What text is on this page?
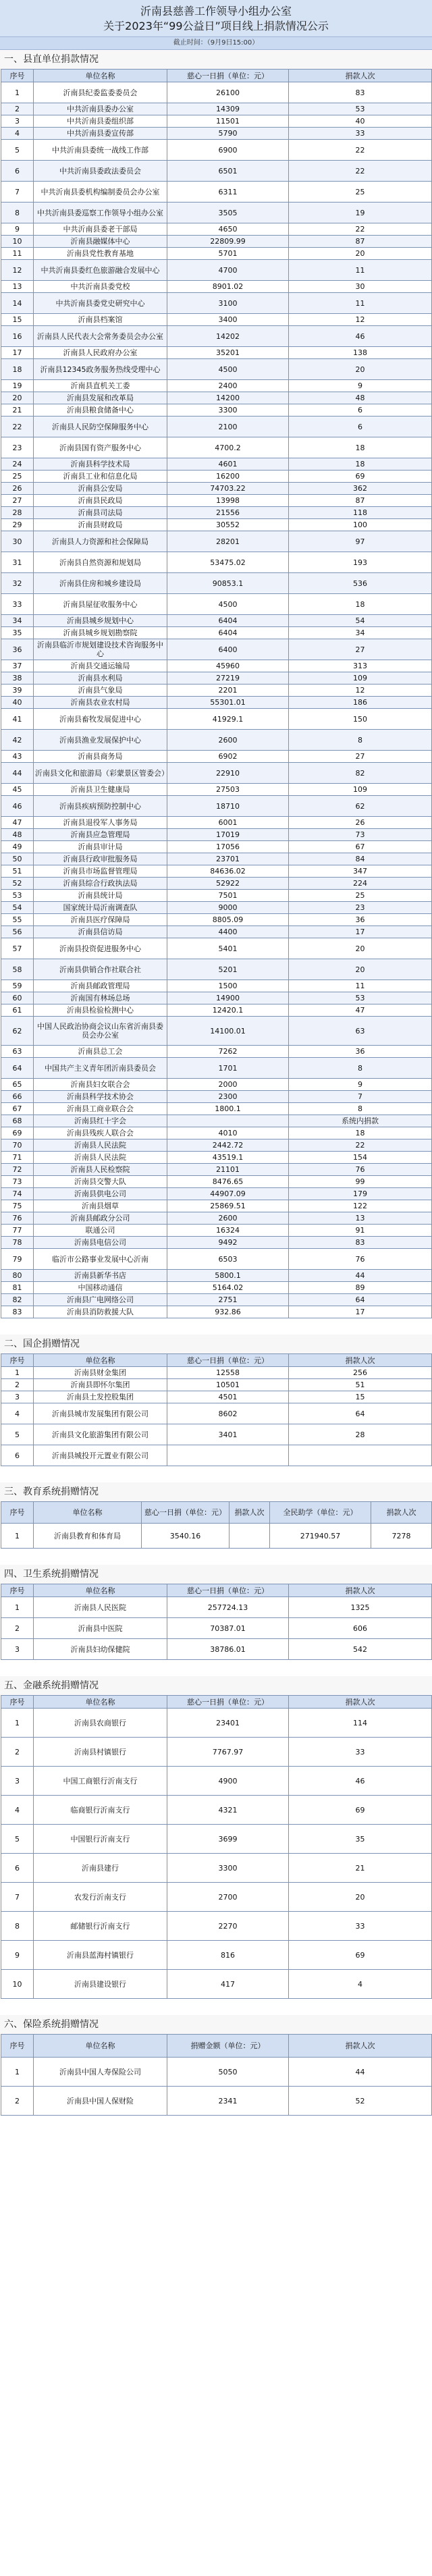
沂南县慈善工作领导小组办公室
关于2023年“99公益日”项目线上捐款情况公示
截止时间：（9月9日15:00）
一、县直单位捐款情况
序号	单位名称	慈心一日捐（单位：元）	捐款人次
1	沂南县纪委监委委员会	26100	83
2	中共沂南县委办公室	14309	53
3	中共沂南县委组织部	11501	40
4	中共沂南县委宣传部	5790	33
5	中共沂南县委统一战线工作部	6900	22
6	中共沂南县委政法委员会	6501	22
7	中共沂南县委机构编制委员会办公室	6311	25
8	中共沂南县委巡察工作领导小组办公室	3505	19
9	中共沂南县委老干部局	4650	22
10	沂南县融媒体中心	22809.99	87
11	沂南县党性教育基地	5701	20
12	中共沂南县委红色旅游融合发展中心	4700	11
13	中共沂南县委党校	8901.02	30
14	中共沂南县委党史研究中心	3100	11
15	沂南县档案馆	3400	12
16	沂南县人民代表大会常务委员会办公室	14202	46
17	沂南县人民政府办公室	35201	138
18	沂南县12345政务服务热线受理中心	4500	20
19	沂南县直机关工委	2400	9
20	沂南县发展和改革局	14200	48
21	沂南县粮食储备中心	3300	6
22	沂南县人民防空保障服务中心	2100	6
23	沂南县国有资产服务中心	4700.2	18
24	沂南县科学技术局	4601	18
25	沂南县工业和信息化局	16200	69
26	沂南县公安局	74703.22	362
27	沂南县民政局	13998	87
28	沂南县司法局	21556	118
29	沂南县财政局	30552	100
30	沂南县人力资源和社会保障局	28201	97
31	沂南县自然资源和规划局	53475.02	193
32	沂南县住房和城乡建设局	90853.1	536
33	沂南县屋征收服务中心	4500	18
34	沂南县城乡规划中心	6404	54
35	沂南县城乡规划勘察院	6404	34
36	沂南县临沂市规划建设技术咨询服务中心	6400	27
37	沂南县交通运输局	45960	313
38	沂南县水利局	27219	109
39	沂南县气象局	2201	12
40	沂南县农业农村局	55301.01	186
41	沂南县畜牧发展促进中心	41929.1	150
42	沂南县渔业发展保护中心	2600	8
43	沂南县商务局	6902	27
44	沂南县文化和旅游局（彩蒙景区管委会）	22910	82
45	沂南县卫生健康局	27503	109
46	沂南县疾病预防控制中心	18710	62
47	沂南县退役军人事务局	6001	26
48	沂南县应急管理局	17019	73
49	沂南县审计局	17056	67
50	沂南县行政审批服务局	23701	84
51	沂南县市场监督管理局	84636.02	347
52	沂南县综合行政执法局	52922	224
53	沂南县统计局	7501	25
54	国家统计局沂南调查队	9000	23
55	沂南县医疗保障局	8805.09	36
56	沂南县信访局	4400	17
57	沂南县投资促进服务中心	5401	20
58	沂南县供销合作社联合社	5201	20
59	沂南县邮政管理局	1500	11
60	沂南国有林场总场	14900	53
61	沂南县检验检测中心	12420.1	47
62	中国人民政治协商会议山东省沂南县委员会办公室	14100.01	63
63	沂南县总工会	7262	36
64	中国共产主义青年团沂南县委员会	1701	8
65	沂南县妇女联合会	2000	9
66	沂南县科学技术协会	2300	7
67	沂南县工商业联合会	1800.1	8
68	沂南县红十字会		系统内捐款
69	沂南县残疾人联合会	4010	18
70	沂南县人民法院	2442.72	22
71	沂南县人民法院	43519.1	154
72	沂南县人民检察院	21101	76
73	沂南县交警大队	8476.65	99
74	沂南县供电公司	44907.09	179
75	沂南县烟草	25869.51	122
76	沂南县邮政分公司	2600	13
77	联通公司	16324	91
78	沂南县电信公司	9492	83
79	临沂市公路事业发展中心沂南	6503	76
80	沂南县新华书店	5800.1	44
81	中国移动通信	5164.02	89
82	沂南县广电网络公司	2751	64
83	沂南县消防救援大队	932.86	17
二、国企捐赠情况
序号	单位名称	慈心一日捐（单位：元）	捐款人次
1	沂南县财金集团	12558	256
2	沂南县即怀尔集团	10501	51
3	沂南县土发控股集团	4501	15
4	沂南县城市发展集团有限公司	8602	64
5	沂南县文化旅游集团有限公司	3401	28
6	沂南县城投开元置业有限公司		
三、教育系统捐赠情况
序号	单位名称	慈心一日捐（单位：元）	捐款人次	全民助学（单位：元）	捐款人次
1	沂南县教育和体育局	3540.16		271940.57	7278
四、卫生系统捐赠情况
序号	单位名称	慈心一日捐（单位：元）	捐款人次
1	沂南县人民医院	257724.13	1325
2	沂南县中医院	70387.01	606
3	沂南县妇幼保健院	38786.01	542
五、金融系统捐赠情况
序号	单位名称	慈心一日捐（单位：元）	捐款人次
1	沂南县农商银行	23401	114
2	沂南县村镇银行	7767.97	33
3	中国工商银行沂南支行	4900	46
4	临商银行沂南支行	4321	69
5	中国银行沂南支行	3699	35
6	沂南县建行	3300	21
7	农发行沂南支行	2700	20
8	邮储银行沂南支行	2270	33
9	沂南县蓝海村镇银行	816	69
10	沂南县建设银行	417	4
六、保险系统捐赠情况
序号	单位名称	捐赠金额（单位：元）	捐款人次
1	沂南县中国人寿保险公司	5050	44
2	沂南县中国人保财险	2341	52
